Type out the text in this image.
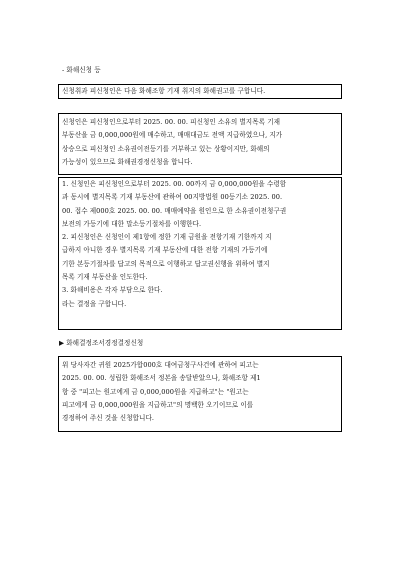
- 화해신청 등
신청취과 피신청인은 다음 화해조항 기재 취지의 화해권고를 구합니다.
신청인은 피신청인으로부터 2025. 00. 00. 피신청인 소유의 별지목록 기재
부동산을 금 0,000,000원에 매수하고, 매매대금도 전액 지급하였으나, 지가
상승으로 피신청인 소유권이전등기를 거부하고 있는 상황이지만, 화해의
가능성이 있으므로 화해권경정신청을 합니다.
1. 신청인은 피신청인으로부터 2025. 00. 00까지 금 0,000,000원을 수령함
과 동시에 별지목록 기재 부동산에 관하여 00지방법원 00등기소 2025. 00.
00. 접수 제000호 2025. 00. 00. 매매예약을 원인으로 한 소유권이전청구권
보전의 가등기에 대한 말소등기절차를 이행한다.
2. 피신청인은 신청인이 제1항에 정한 기재 금원을 전항기재 기한까지 지
급하지 아니한 경우 별지목록 기재 부동산에 대한 전항 기재의 가등기에
기한 본등기절차를 답고의 목적으로 이행하고 답고권신행을 위하여 별지
목록 기재 부동산을 인도한다.
3. 화해비용은 각자 부담으로 한다.
라는 결정을 구합니다.
▶ 화해결정조서경정결정신청
위 당사자간 귀원 2025가합000호 대여금청구사건에 관하여 피고는
2025. 00. 00. 성립한 화해조서 정본을 송달받았으나, 화해조항 제1
항 중 "피고는 원고에게 금 0,000,000원을 지급하고"는 "원고는
피고에게 금 0,000,000원을 지급하고"의 명백한 오기이므로 이를
경정하여 주신 것을 신청합니다.
